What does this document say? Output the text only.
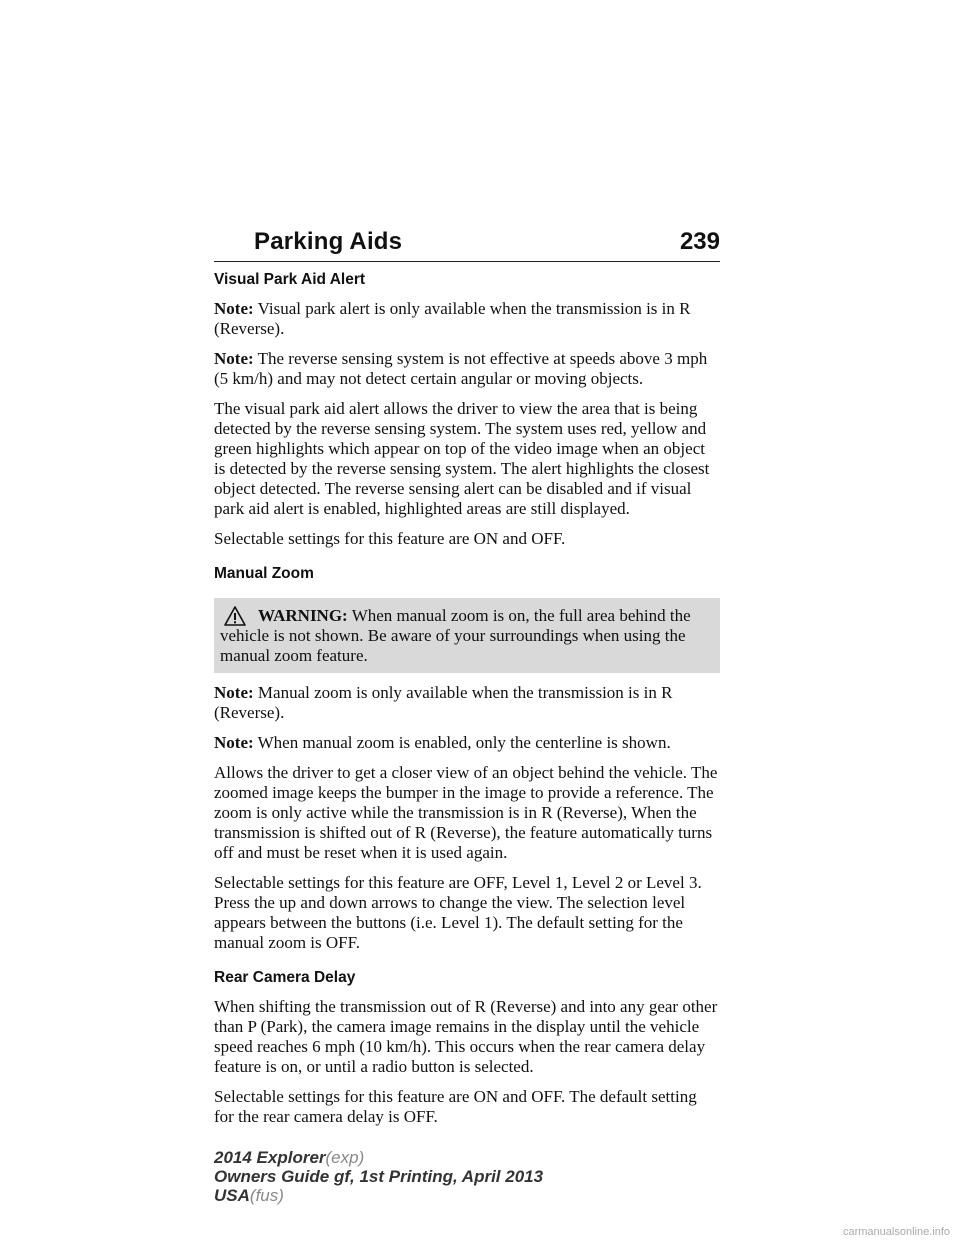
Parking Aids	239
Visual Park Aid Alert

Note: Visual park alert is only available when the transmission is in R (Reverse).

Note: The reverse sensing system is not effective at speeds above 3 mph (5 km/h) and may not detect certain angular or moving objects.

The visual park aid alert allows the driver to view the area that is being detected by the reverse sensing system. The system uses red, yellow and green highlights which appear on top of the video image when an object is detected by the reverse sensing system. The alert highlights the closest object detected. The reverse sensing alert can be disabled and if visual park aid alert is enabled, highlighted areas are still displayed.

Selectable settings for this feature are ON and OFF.

Manual Zoom
WARNING: When manual zoom is on, the full area behind the vehicle is not shown. Be aware of your surroundings when using the manual zoom feature.

Note: Manual zoom is only available when the transmission is in R (Reverse).

Note: When manual zoom is enabled, only the centerline is shown.

Allows the driver to get a closer view of an object behind the vehicle. The zoomed image keeps the bumper in the image to provide a reference. The zoom is only active while the transmission is in R (Reverse), When the transmission is shifted out of R (Reverse), the feature automatically turns off and must be reset when it is used again.

Selectable settings for this feature are OFF, Level 1, Level 2 or Level 3. Press the up and down arrows to change the view. The selection level appears between the buttons (i.e. Level 1). The default setting for the manual zoom is OFF.

Rear Camera Delay

When shifting the transmission out of R (Reverse) and into any gear other than P (Park), the camera image remains in the display until the vehicle speed reaches 6 mph (10 km/h). This occurs when the rear camera delay feature is on, or until a radio button is selected.

Selectable settings for this feature are ON and OFF. The default setting for the rear camera delay is OFF.

2014 Explorer(exp)
Owners Guide gf, 1st Printing, April 2013
USA(fus)
carmanualsonline.info
